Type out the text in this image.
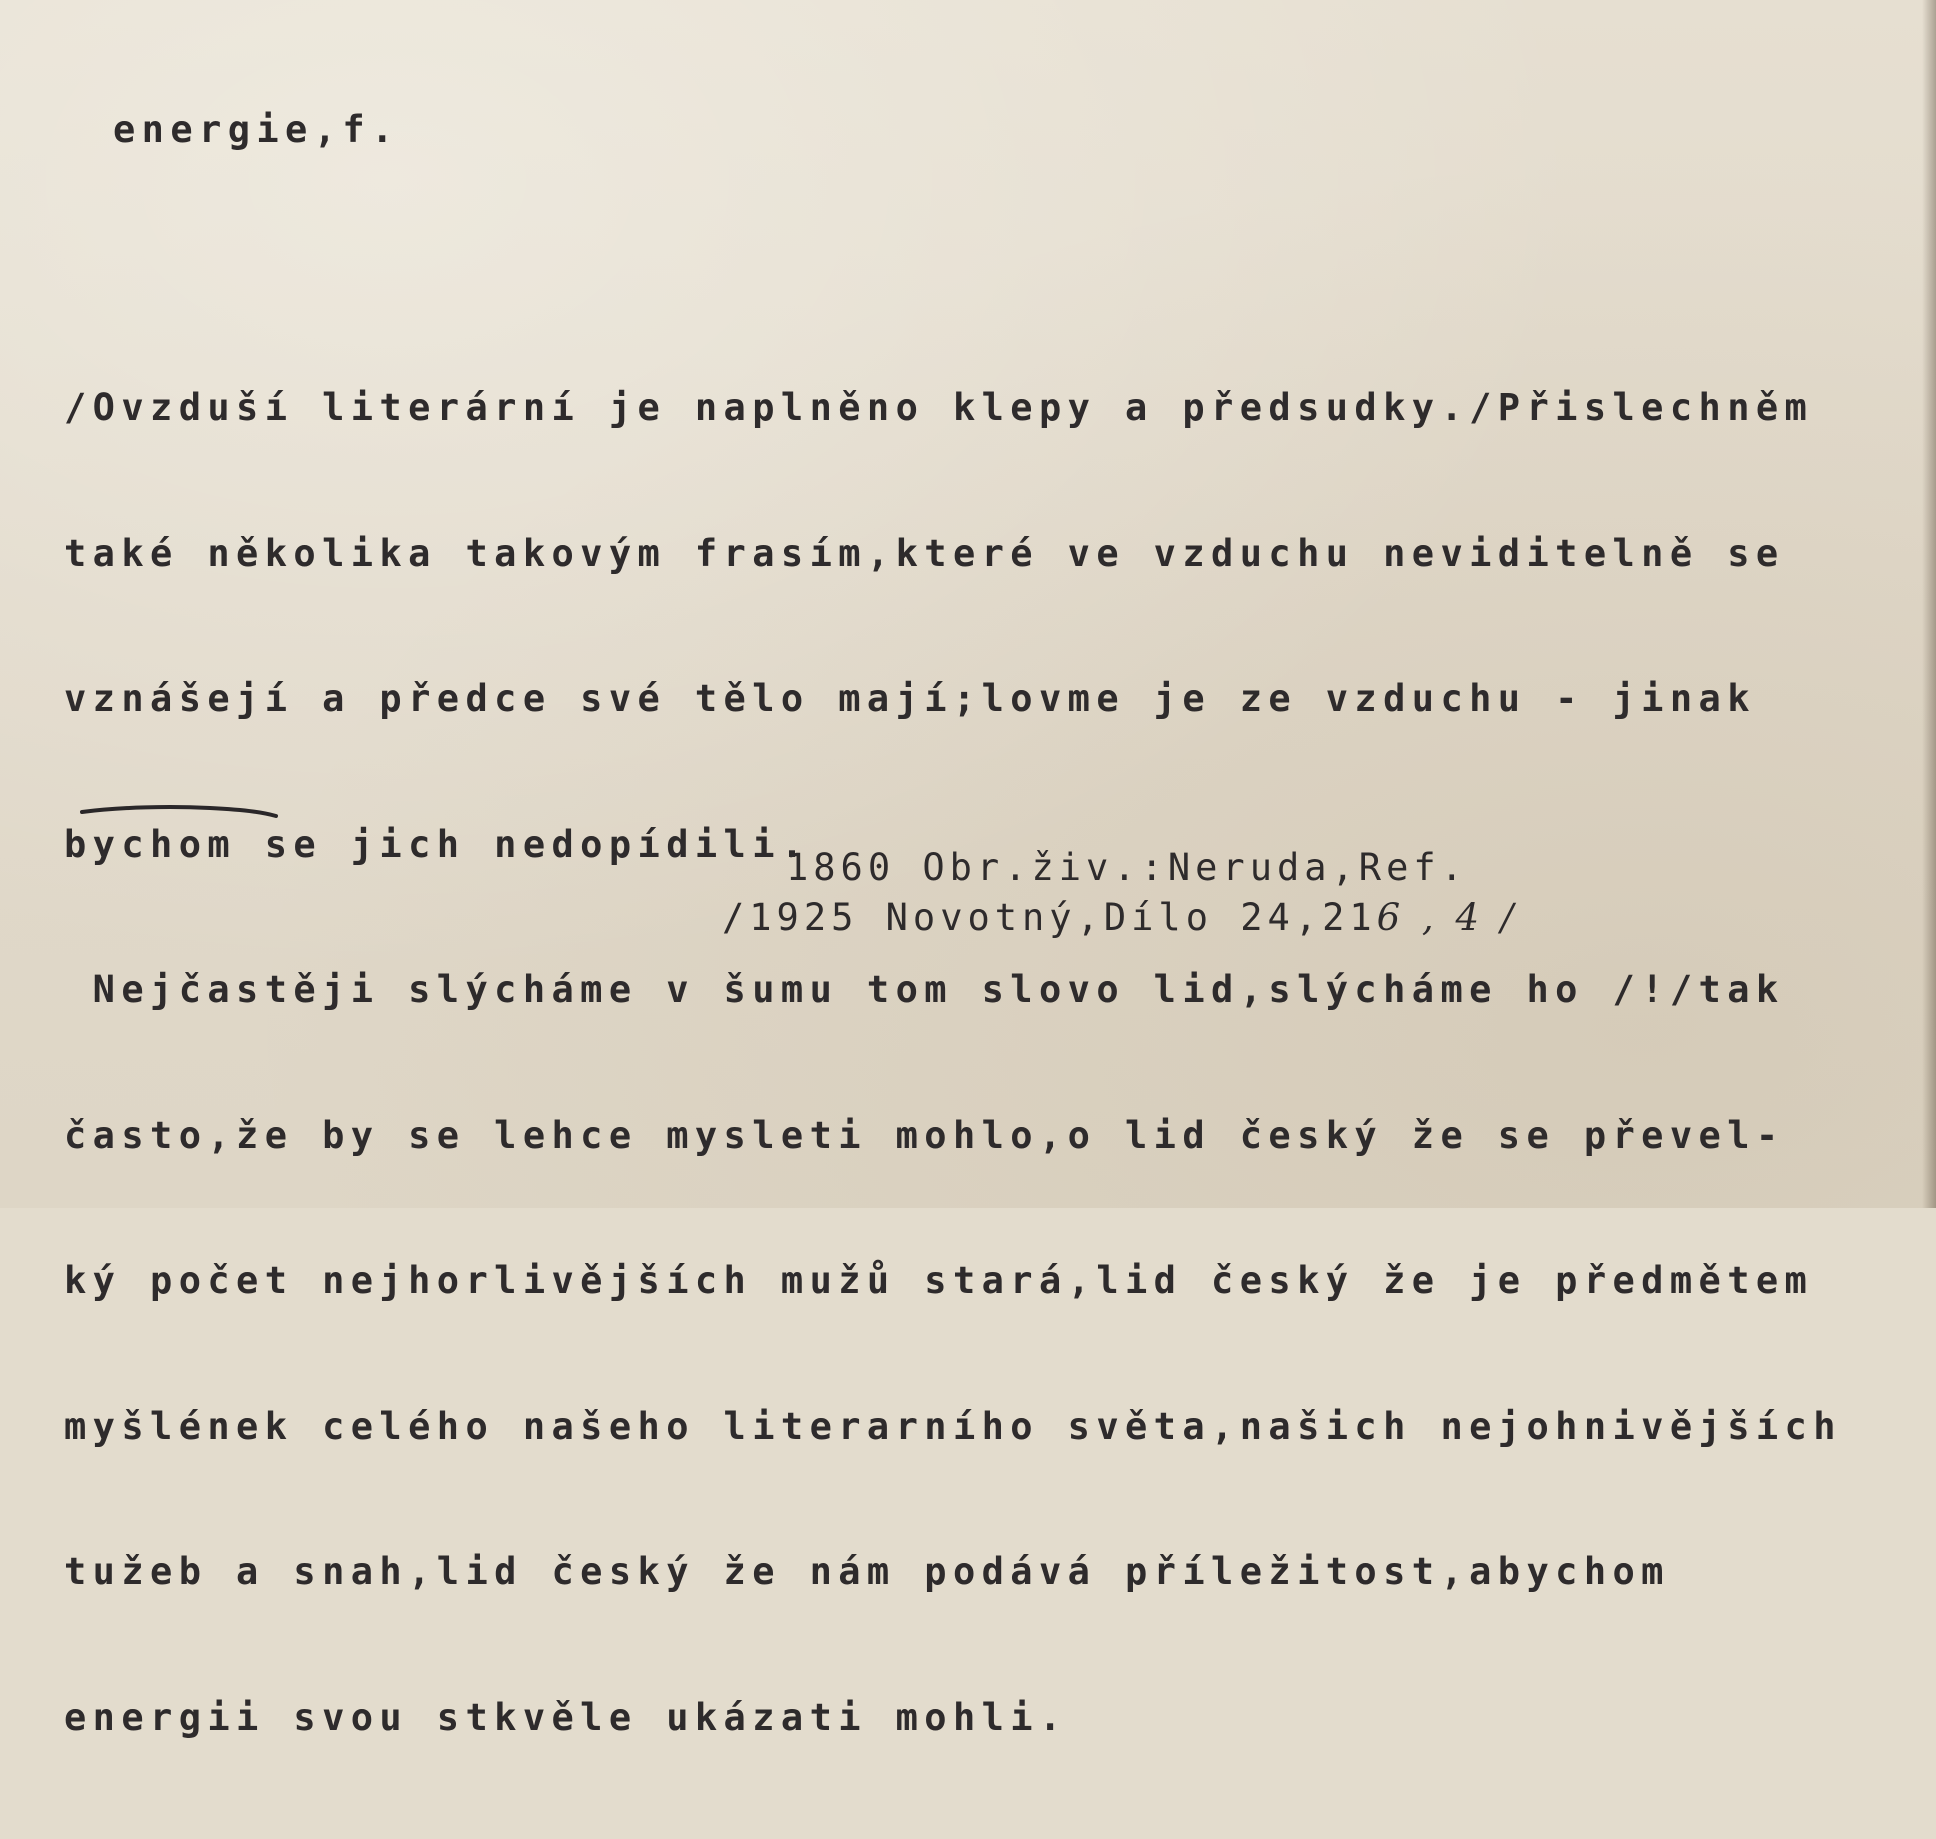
energie,f.

/Ovzduší literární je naplněno klepy a předsudky./Přislechněm

také několika takovým frasím,které ve vzduchu neviditelně se

vznášejí a předce své tělo mají;lovme je ze vzduchu - jinak

bychom se jich nedopídili.

Nejčastěji slýcháme v šumu tom slovo lid,slýcháme ho /!/tak

často,že by se lehce mysleti mohlo,o lid český že se převel-

ký počet nejhorlivějších mužů stará,lid český že je předmětem

myšlének celého našeho literarního světa,našich nejohnivějších

tužeb a snah,lid český že nám podává příležitost,abychom

energii svou stkvěle ukázati mohli.

1860 Obr.živ.:Neruda,Ref.
/1925 Novotný,Dílo 24,216 , 4 /
